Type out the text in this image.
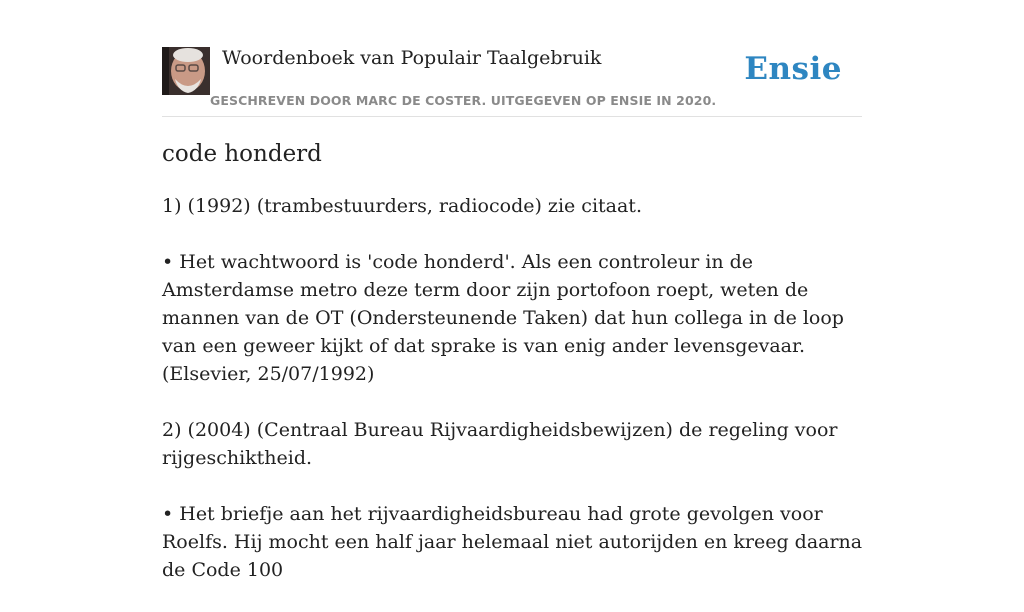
Woordenboek van Populair Taalgebruik
GESCHREVEN DOOR MARC DE COSTER. UITGEGEVEN OP ENSIE IN 2020.
Ensie
code honderd

1) (1992) (trambestuurders, radiocode) zie citaat.

• Het wachtwoord is 'code honderd'. Als een controleur in de Amsterdamse metro deze term door zijn portofoon roept, weten de mannen van de OT (Ondersteunende Taken) dat hun collega in de loop van een geweer kijkt of dat sprake is van enig ander levensgevaar. (Elsevier, 25/07/1992)

2) (2004) (Centraal Bureau Rijvaardigheidsbewijzen) de regeling voor rijgeschiktheid.

• Het briefje aan het rijvaardigheidsbureau had grote gevolgen voor Roelfs. Hij mocht een half jaar helemaal niet autorijden en kreeg daarna de Code 100
